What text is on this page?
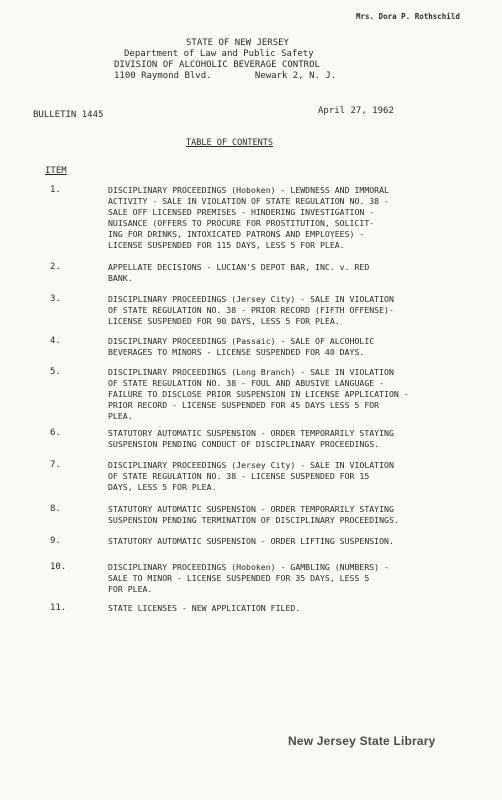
Mrs. Dora P. Rothschild
STATE OF NEW JERSEY
Department of Law and Public Safety
DIVISION OF ALCOHOLIC BEVERAGE CONTROL
1100 Raymond Blvd.        Newark 2, N. J.
BULLETIN 1445	April 27, 1962
TABLE OF CONTENTS
ITEM
1.	DISCIPLINARY PROCEEDINGS (Hoboken) - LEWDNESS AND IMMORAL
ACTIVITY - SALE IN VIOLATION OF STATE REGULATION NO. 38 -
SALE OFF LICENSED PREMISES - HINDERING INVESTIGATION -
NUISANCE (OFFERS TO PROCURE FOR PROSTITUTION, SOLICIT-
ING FOR DRINKS, INTOXICATED PATRONS AND EMPLOYEES) -
LICENSE SUSPENDED FOR 115 DAYS, LESS 5 FOR PLEA.
2.	APPELLATE DECISIONS - LUCIAN'S DEPOT BAR, INC. v. RED
BANK.
3.	DISCIPLINARY PROCEEDINGS (Jersey City) - SALE IN VIOLATION
OF STATE REGULATION NO. 38 - PRIOR RECORD (FIFTH OFFENSE)-
LICENSE SUSPENDED FOR 90 DAYS, LESS 5 FOR PLEA.
4.	DISCIPLINARY PROCEEDINGS (Passaic) - SALE OF ALCOHOLIC
BEVERAGES TO MINORS - LICENSE SUSPENDED FOR 40 DAYS.
5.	DISCIPLINARY PROCEEDINGS (Long Branch) - SALE IN VIOLATION
OF STATE REGULATION NO. 38 - FOUL AND ABUSIVE LANGUAGE -
FAILURE TO DISCLOSE PRIOR SUSPENSION IN LICENSE APPLICATION -
PRIOR RECORD - LICENSE SUSPENDED FOR 45 DAYS LESS 5 FOR
PLEA.
6.	STATUTORY AUTOMATIC SUSPENSION - ORDER TEMPORARILY STAYING
SUSPENSION PENDING CONDUCT OF DISCIPLINARY PROCEEDINGS.
7.	DISCIPLINARY PROCEEDINGS (Jersey City) - SALE IN VIOLATION
OF STATE REGULATION NO. 38 - LICENSE SUSPENDED FOR 15
DAYS, LESS 5 FOR PLEA.
8.	STATUTORY AUTOMATIC SUSPENSION - ORDER TEMPORARILY STAYING
SUSPENSION PENDING TERMINATION OF DISCIPLINARY PROCEEDINGS.
9.	STATUTORY AUTOMATIC SUSPENSION - ORDER LIFTING SUSPENSION.
10.	DISCIPLINARY PROCEEDINGS (Hoboken) - GAMBLING (NUMBERS) -
SALE TO MINOR - LICENSE SUSPENDED FOR 35 DAYS, LESS 5
FOR PLEA.
11.	STATE LICENSES - NEW APPLICATION FILED.
New Jersey State Library
